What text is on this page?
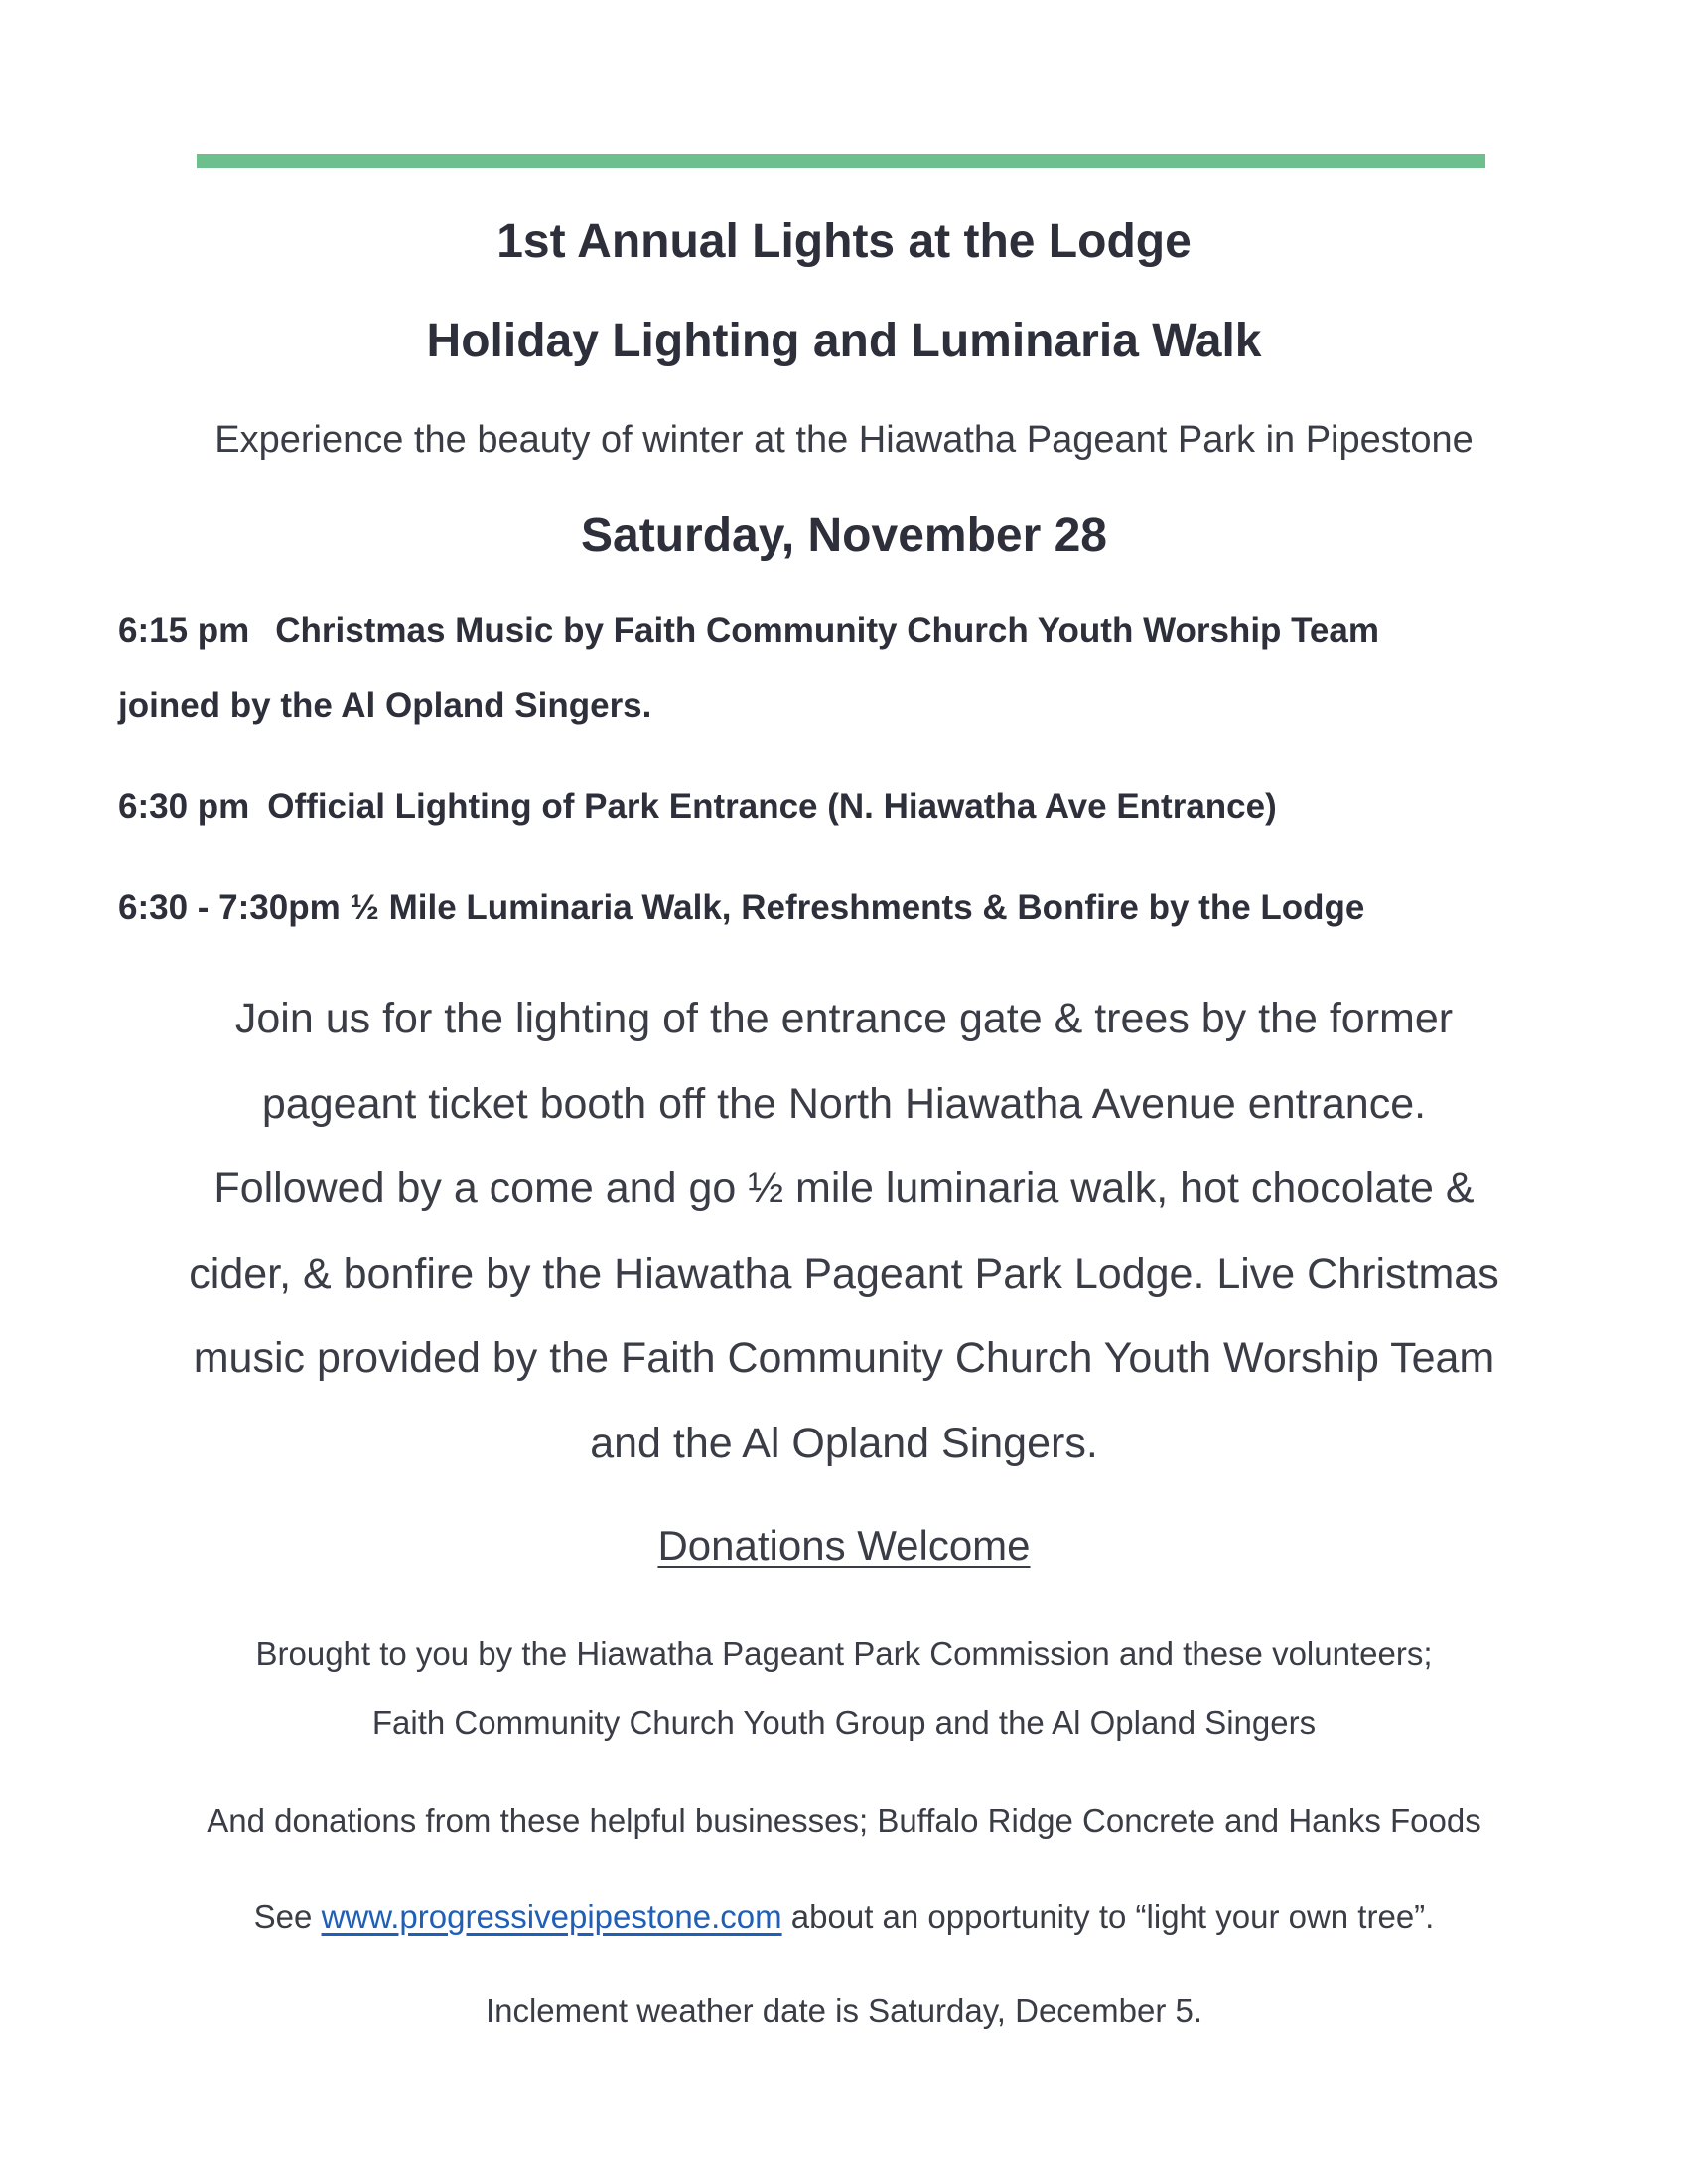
1st Annual Lights at the Lodge
Holiday Lighting and Luminaria Walk
Experience the beauty of winter at the Hiawatha Pageant Park in Pipestone
Saturday, November 28
6:15 pm Christmas Music by Faith Community Church Youth Worship Team
joined by the Al Opland Singers.
6:30 pm Official Lighting of Park Entrance (N. Hiawatha Ave Entrance)
6:30 - 7:30pm ½ Mile Luminaria Walk, Refreshments & Bonfire by the Lodge
Join us for the lighting of the entrance gate & trees by the former
pageant ticket booth off the North Hiawatha Avenue entrance.
Followed by a come and go ½ mile luminaria walk, hot chocolate &
cider, & bonfire by the Hiawatha Pageant Park Lodge. Live Christmas
music provided by the Faith Community Church Youth Worship Team
and the Al Opland Singers.
Donations Welcome
Brought to you by the Hiawatha Pageant Park Commission and these volunteers;
Faith Community Church Youth Group and the Al Opland Singers
And donations from these helpful businesses; Buffalo Ridge Concrete and Hanks Foods
See www.progressivepipestone.com about an opportunity to “light your own tree”.
Inclement weather date is Saturday, December 5.
